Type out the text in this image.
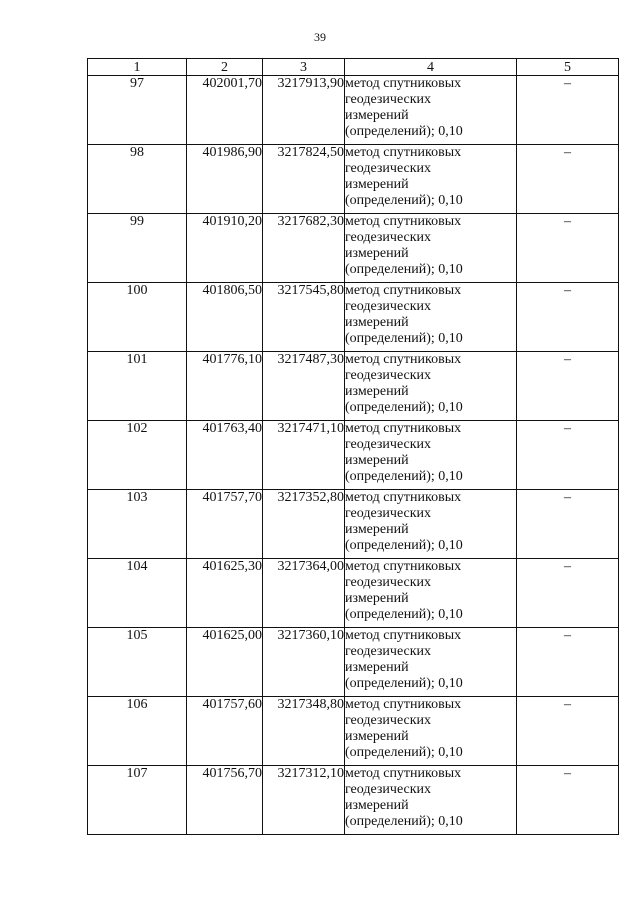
39
1	2	3	4	5
97	402001,70	3217913,90	метод спутниковых
геодезических
измерений
(определений); 0,10	–
98	401986,90	3217824,50	метод спутниковых
геодезических
измерений
(определений); 0,10	–
99	401910,20	3217682,30	метод спутниковых
геодезических
измерений
(определений); 0,10	–
100	401806,50	3217545,80	метод спутниковых
геодезических
измерений
(определений); 0,10	–
101	401776,10	3217487,30	метод спутниковых
геодезических
измерений
(определений); 0,10	–
102	401763,40	3217471,10	метод спутниковых
геодезических
измерений
(определений); 0,10	–
103	401757,70	3217352,80	метод спутниковых
геодезических
измерений
(определений); 0,10	–
104	401625,30	3217364,00	метод спутниковых
геодезических
измерений
(определений); 0,10	–
105	401625,00	3217360,10	метод спутниковых
геодезических
измерений
(определений); 0,10	–
106	401757,60	3217348,80	метод спутниковых
геодезических
измерений
(определений); 0,10	–
107	401756,70	3217312,10	метод спутниковых
геодезических
измерений
(определений); 0,10	–
